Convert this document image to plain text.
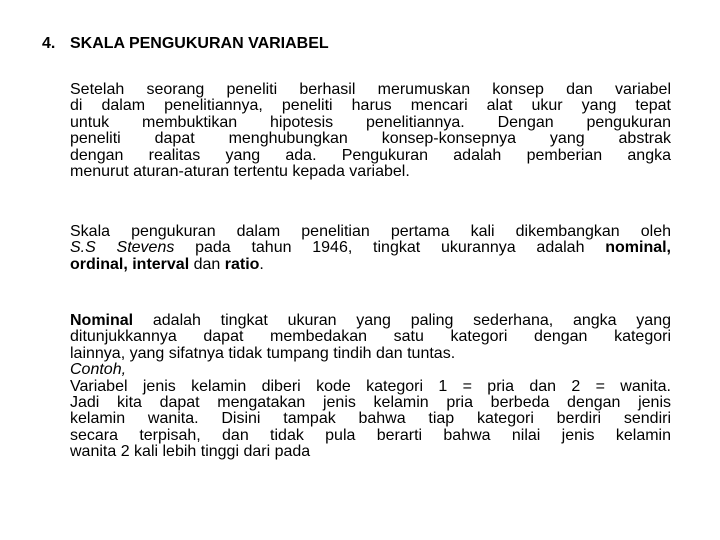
4. SKALA PENGUKURAN VARIABEL
Setelah seorang peneliti berhasil merumuskan konsep dan variabel
di dalam penelitiannya, peneliti harus mencari alat ukur yang tepat
untuk membuktikan hipotesis penelitiannya. Dengan pengukuran
peneliti dapat menghubungkan konsep-konsepnya yang abstrak
dengan realitas yang ada. Pengukuran adalah pemberian angka
menurut aturan-aturan tertentu kepada variabel.
Skala pengukuran dalam penelitian pertama kali dikembangkan oleh
S.S Stevens pada tahun 1946, tingkat ukurannya adalah nominal,
ordinal, interval dan ratio.
Nominal adalah tingkat ukuran yang paling sederhana, angka yang
ditunjukkannya dapat membedakan satu kategori dengan kategori
lainnya, yang sifatnya tidak tumpang tindih dan tuntas.
Contoh,
Variabel jenis kelamin diberi kode kategori 1 = pria dan 2 = wanita.
Jadi kita dapat mengatakan jenis kelamin pria berbeda dengan jenis
kelamin wanita. Disini tampak bahwa tiap kategori berdiri sendiri
secara terpisah, dan tidak pula berarti bahwa nilai jenis kelamin
wanita 2 kali lebih tinggi dari pada
